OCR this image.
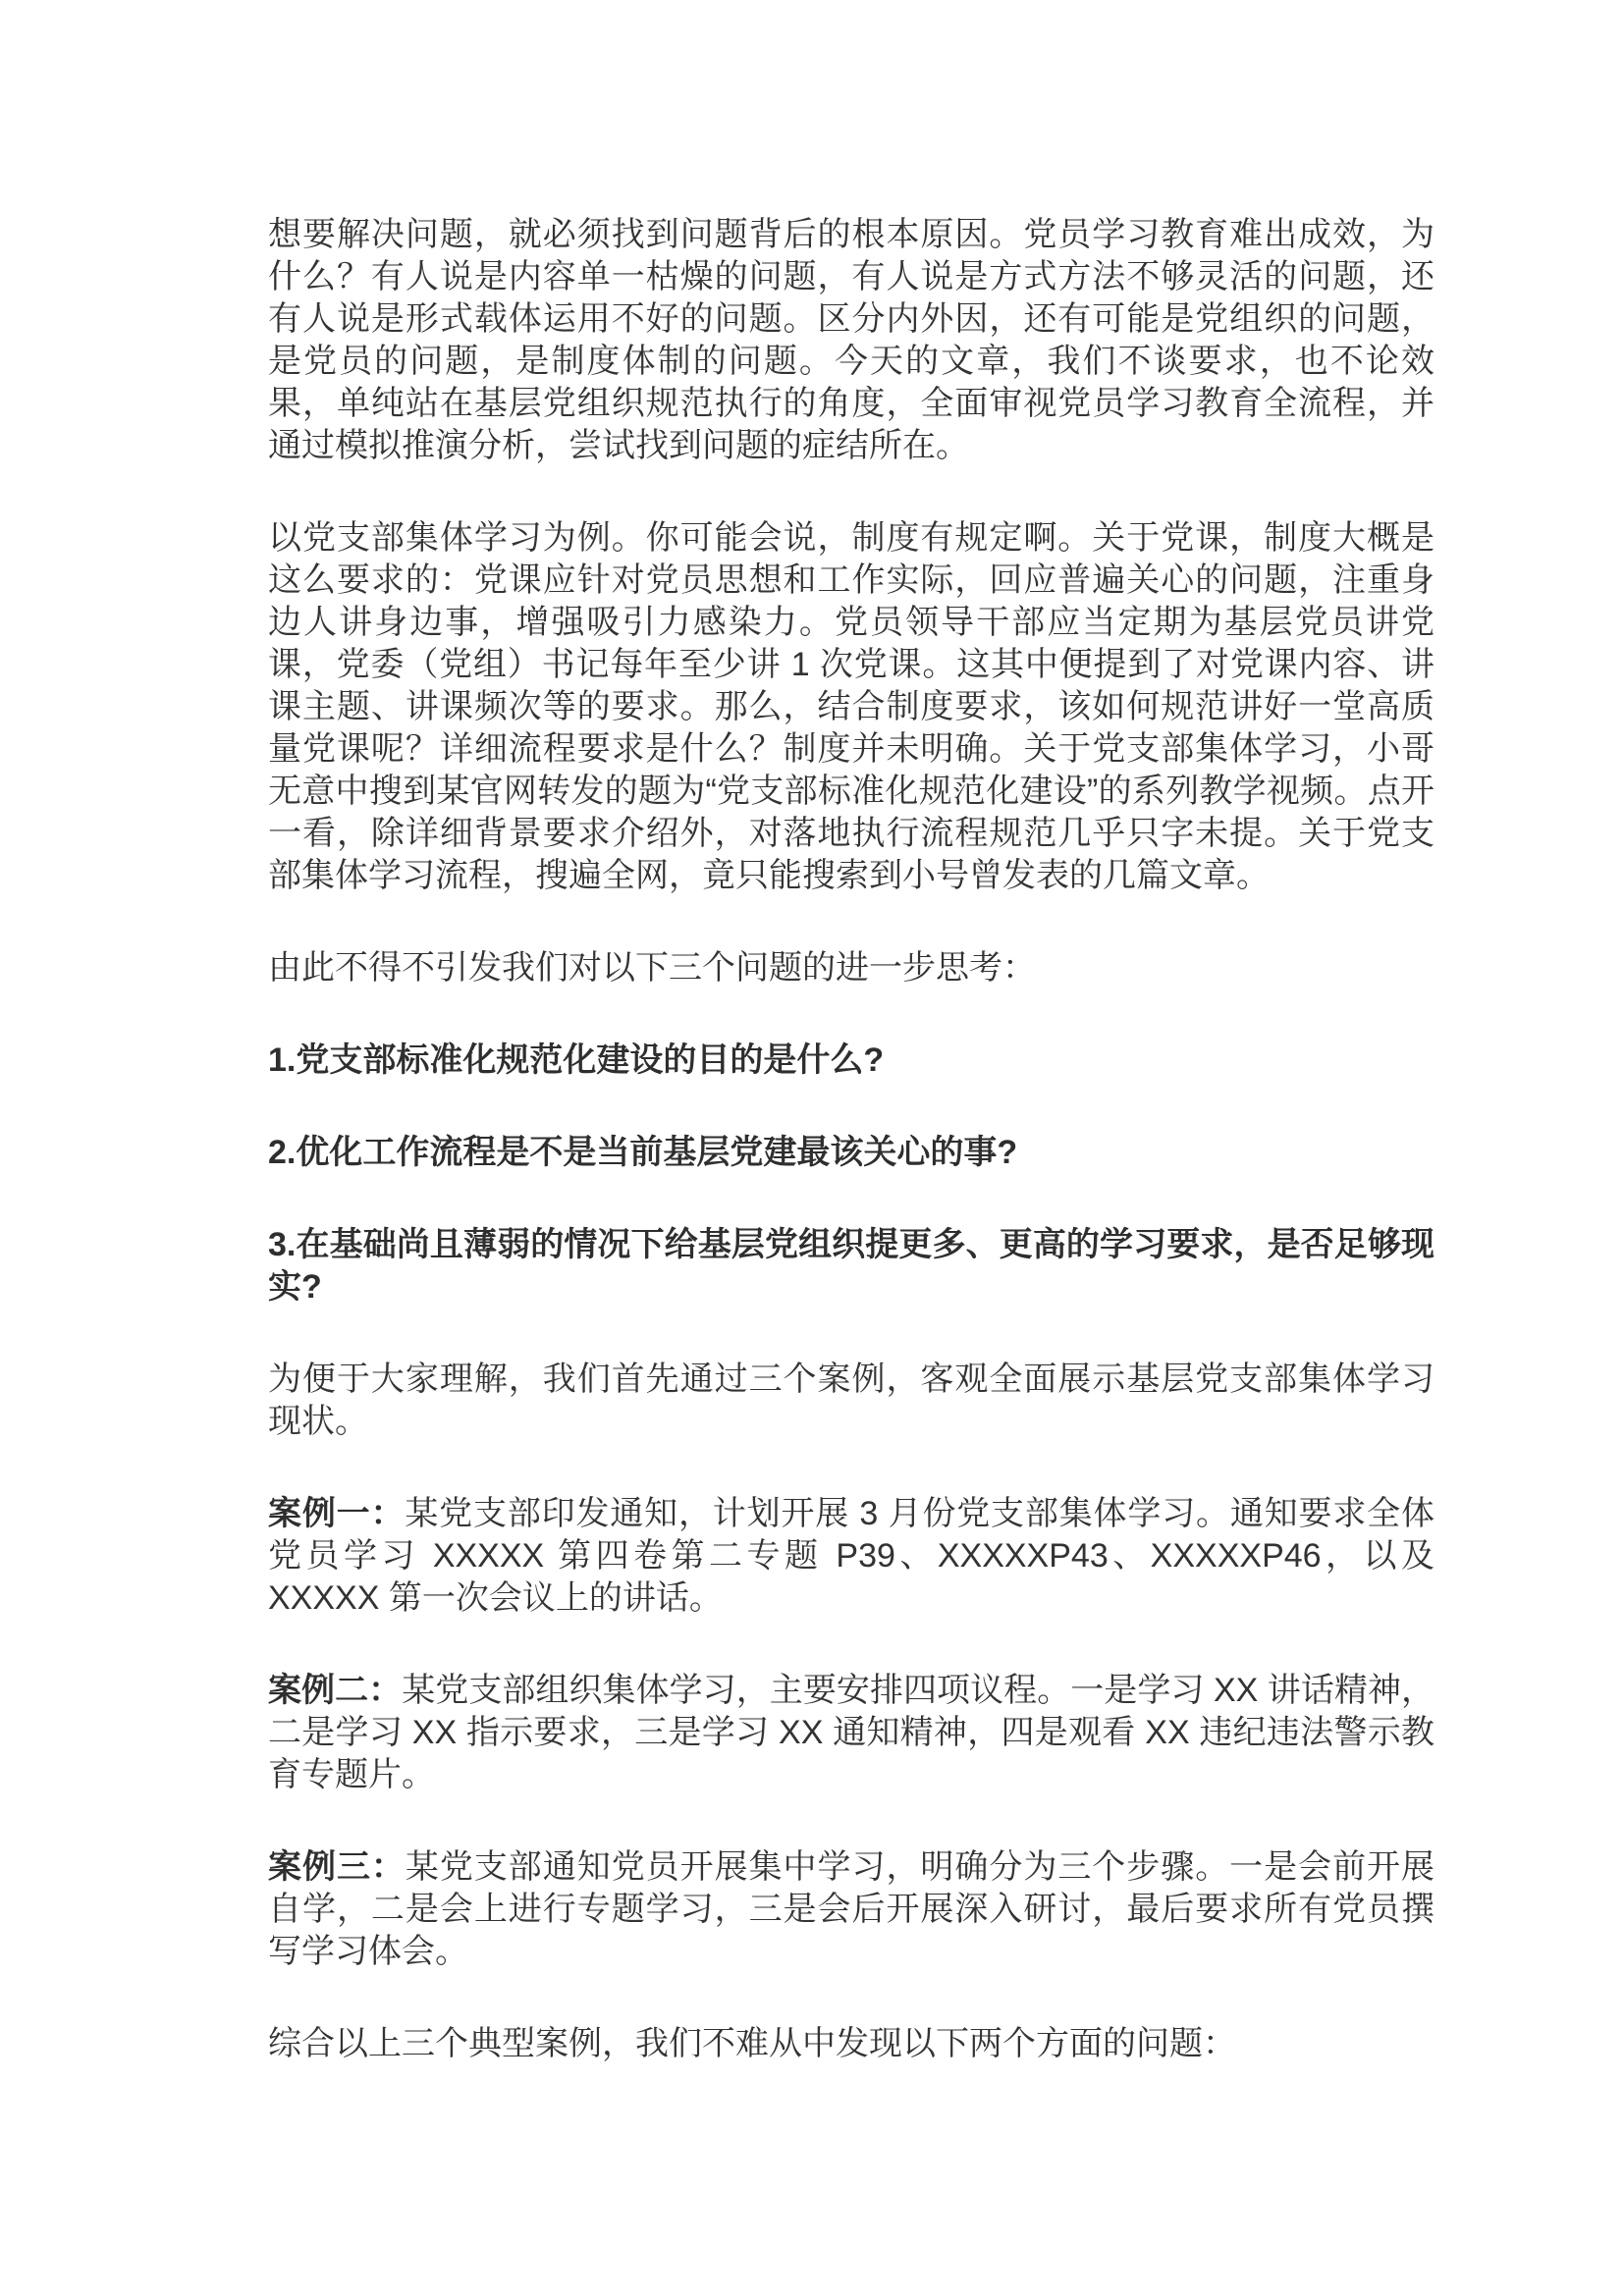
想要解决问题，就必须找到问题背后的根本原因。党员学习教育难出成效，为什么？有人说是内容单一枯燥的问题，有人说是方式方法不够灵活的问题，还有人说是形式载体运用不好的问题。区分内外因，还有可能是党组织的问题，是党员的问题，是制度体制的问题。今天的文章，我们不谈要求，也不论效果，单纯站在基层党组织规范执行的角度，全面审视党员学习教育全流程，并通过模拟推演分析，尝试找到问题的症结所在。

以党支部集体学习为例。你可能会说，制度有规定啊。关于党课，制度大概是这么要求的：党课应针对党员思想和工作实际，回应普遍关心的问题，注重身边人讲身边事，增强吸引力感染力。党员领导干部应当定期为基层党员讲党课，党委（党组）书记每年至少讲 1 次党课。这其中便提到了对党课内容、讲课主题、讲课频次等的要求。那么，结合制度要求，该如何规范讲好一堂高质量党课呢？详细流程要求是什么？制度并未明确。关于党支部集体学习，小哥无意中搜到某官网转发的题为“党支部标准化规范化建设”的系列教学视频。点开一看，除详细背景要求介绍外，对落地执行流程规范几乎只字未提。关于党支部集体学习流程，搜遍全网，竟只能搜索到小号曾发表的几篇文章。

由此不得不引发我们对以下三个问题的进一步思考：

1.党支部标准化规范化建设的目的是什么?

2.优化工作流程是不是当前基层党建最该关心的事?

3.在基础尚且薄弱的情况下给基层党组织提更多、更高的学习要求，是否足够现实?

为便于大家理解，我们首先通过三个案例，客观全面展示基层党支部集体学习现状。

案例一：某党支部印发通知，计划开展 3 月份党支部集体学习。通知要求全体党员学习 XXXXX 第四卷第二专题 P39、XXXXXP43、XXXXXP46，以及 XXXXX 第一次会议上的讲话。

案例二：某党支部组织集体学习，主要安排四项议程。一是学习 XX 讲话精神，二是学习 XX 指示要求，三是学习 XX 通知精神，四是观看 XX 违纪违法警示教育专题片。

案例三：某党支部通知党员开展集中学习，明确分为三个步骤。一是会前开展自学，二是会上进行专题学习，三是会后开展深入研讨，最后要求所有党员撰写学习体会。

综合以上三个典型案例，我们不难从中发现以下两个方面的问题：
